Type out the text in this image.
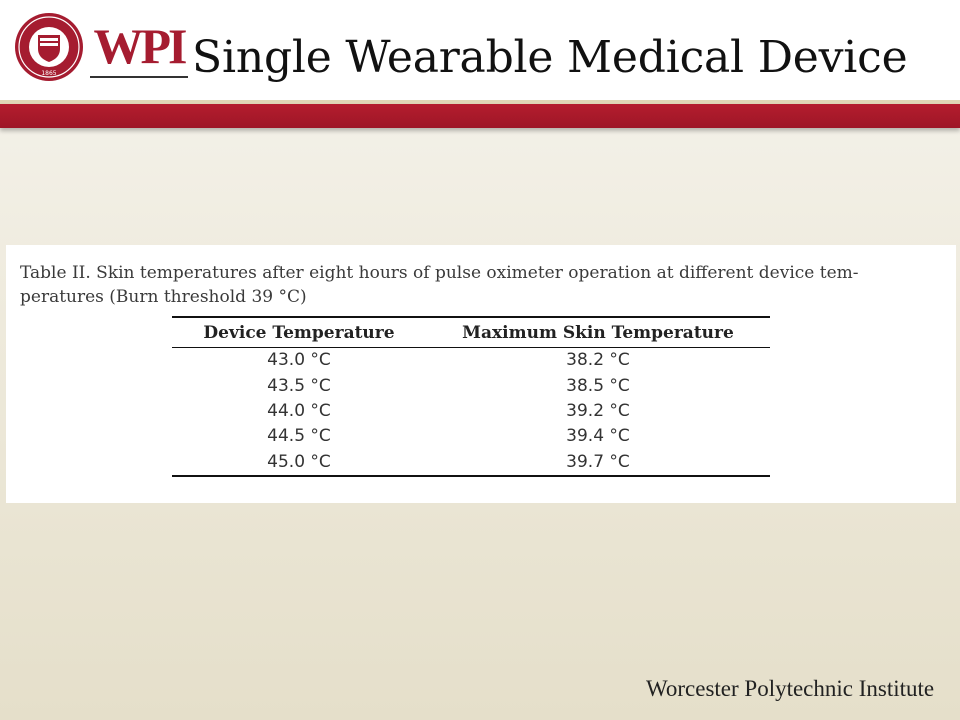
1865 WPI Single Wearable Medical Device
Table II. Skin temperatures after eight hours of pulse oximeter operation at different device tem-
peratures (Burn threshold 39 °C)
Device Temperature	Maximum Skin Temperature
43.0 °C	38.2 °C
43.5 °C	38.5 °C
44.0 °C	39.2 °C
44.5 °C	39.4 °C
45.0 °C	39.7 °C
Worcester Polytechnic Institute
